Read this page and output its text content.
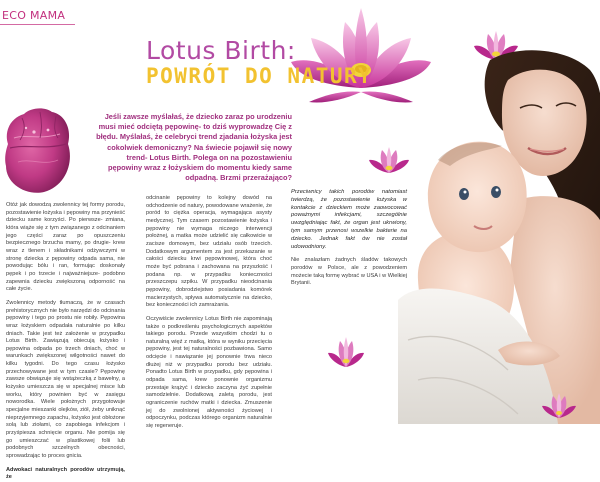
ECO MAMA
Lotus Birth:
POWRÓT DO NATURY

Jeśli zawsze myślałaś, że dziecko zaraz po urodzeniu musi mieć odciętą pępowinę- to dziś wyprowadzę Cię z błędu. Myślałaś, że celebryci trend zjadania łożyska jest cokolwiek demoniczny? Na świecie pojawił się nowy trend- Lotus Birth. Polega on na pozostawieniu pępowiny wraz z łożyskiem do momentu kiedy same odpadną. Brzmi przerażająco?

Otóż jak dowodzą zwolennicy tej formy porodu, pozostawienie łożyska i pępowiny ma przynieść dziecku same korzyści. Po pierwsze- zmiana, która wiąże się z tym związanego z odcinaniem jego części zaraz po opuszczeniu bezpiecznego brzucha mamy, po drugie- krew wraz z tlenem i składnikami odżywczymi w stronę dziecka z pępowiny odpada sama, nie powodując bólu i ran, formując doskonały pępek i po trzecie i najważniejsze- podobno zapewnia dziecku zwiększoną odporność na całe życie.

Zwolennicy metody tłumaczą, że w czasach prehistorycznych nie było narzędzi do odcinania pępowiny i tego po prostu nie robiły. Pępowina wraz łożyskiem odpadała naturalnie po kilku dniach. Takie jest też założenie w przypadku Lotus Birth. Zawiązują obiecują łożysko i pępowina odpada po trzech dniach, choć w warunkach zwiększonej wilgotności nawet do kilku tygodni. Do tego czasu łożysko przechowywane jest w tym czasie? Pępowinę zawsze obwiązuje się wstążeczką z bawełny, a łożysko umieszcza się w specjalnej misce lub worku, który powinien być w zasięgu noworodka. Wiele położnych przygotowuje specjalne mieszanki olejków, ziół, żeby uniknąć nieprzyjemnego zapachu, łożysko jest obłożone solą lub ziołami, co zapobiega infekcjom i przyśpiesza schnięcie organu. Nie pomija się go umieszczać w plastikowej folii lub podobnych szczelnych obecności, sprowadzając to proces gnicia.

Adwokaci naturalnych porodów utrzymują, że

odcinanie pępowiny to kolejny dowód na odchodzenie od natury, powodowane wrażenie, że poród to ciężka operacja, wymagająca asysty medycznej. Tym czasem pozostawienie łożyska i pępowiny nie wymaga niczego interwencji położnej, a matka może udzielić się całkowicie w zacisze domowym, bez udziału osób trzecich. Dodatkowym argumentem za jest przekazanie w całości dziecku krwi pępowinowej, która choć może być pobrana i zachowana na przyszłość i podana np. w przypadku konieczności przeszczepu szpiku. W przypadku nieodcinania pępowiny, dobrodziejstwo posiadania komórek macierzystych, spływa automatycznie na dziecko, bez konieczności ich zamrażania.

Oczywiście zwolennicy Lotus Birth nie zapominają także o podkreśleniu psychologicznych aspektów takiego porodu. Przede wszystkim chodzi tu o naturalną więź z matką, która w wyniku przecięcia pępowiny, jest tej naturalności pozbawiona. Samo odcięcie i nawiązanie jej ponownie trwa nieco dłużej niż w przypadku porodu bez udziału. Ponadto Lotus Birth w przypadku, gdy pępowina i odpada sama, krew ponownie organizmu przestaje krążyć i dziecko zaczyna żyć zupełnie samodzielnie. Dodatkową zaletą porodu, jest ograniczenie ruchów matki i dziecka. Zmuszenie jej do zwolnionej aktywności życiowej i odpoczynku, podczas którego organizm naturalnie się regeneruje.

Przeciwnicy takich porodów natomiast twierdzą, że pozostawienie łożyska w kontakcie z dzieckiem może zaowocować poważnymi infekcjami, szczególnie uwzględniając fakt, że organ jest ukrwiony, tym samym przenosi wszelkie bakterie na dziecko. Jednak fakt ów nie został udowodniony.

Nie znalazłam żadnych śladów takowych porodów w Polsce, ale z powodzeniem możecie taką formę wybrać w USA i w Wielkiej Brytanii.
